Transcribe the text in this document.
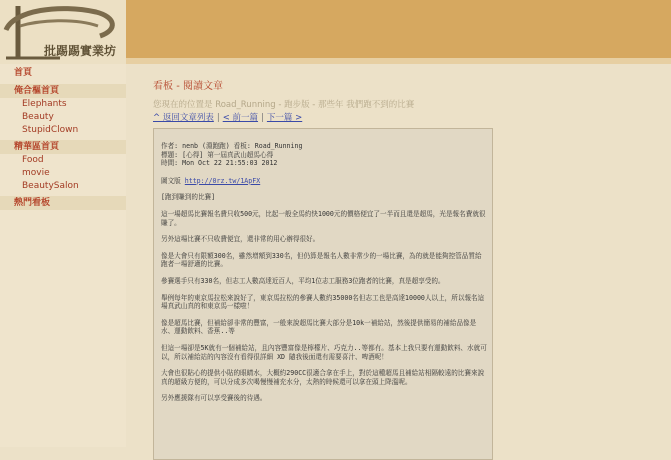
批踢踢實業坊
首頁
俺合樞首頁
Elephants
Beauty
StupidClown
精華區首頁
Food
movie
BeautySalon
熱門看板
看板 - 閱讀文章
您現在的位置是 Road_Running - 跑步版 - 那些年 我們跑不到的比賽
^ 返回文章列表 | < 前一篇 | 下一篇 >
作者: nenb (淵跑跑) 看板: Road_Running
標題: [心得] 第一屆真武山超馬心得
時間: Mon Oct 22 21:55:03 2012
圖文版 http://0rz.tw/1ApFX
[跑到賺到的比賽]
這一場超馬比賽報名費只收500元，比起一般全馬約快1000元的價格便宜了一半而且還是超馬，光是報名費就很賺了。
另外這場比賽不只收費便宜，還非常的用心辦得很好。
像是大會只有限額300名，雖然增額到330名，但仍算是報名人數非常少的一場比賽，為的就是能夠控管品質給跑者一場舒適的比賽。
參賽選手只有330名，但志工人數高達近百人，平均1位志工服務3位跑者的比賽，真是超享受的。
舉例每年的東京馬拉松來說好了，東京馬拉松的參賽人數約35000名但志工也是高達10000人以上，所以報名這場真武山真的和東京馬一樣啦！
像是超馬比賽，但補給卻非常的豐富，一般來說超馬比賽大部分是10k一補給站，然後提供簡易的補給品像是水、運動飲料、香蕉..等
但這一場卻是5K就有一個補給站，且內容豐富像是檸檬片、巧克力..等都有。基本上我只要有運動飲料、水就可以，所以補給站的內容沒有看得很詳細 XD 隨我後面還有需要喜汁、啤酒呢！
大會也很貼心的提供小貼的眼睛水，大概約290CC很適合拿在手上，對於這種超馬且補給站相隔較遠的比賽來說真的超級方便的，可以分成多次喝慢慢補充水分，太熱的時候還可以拿在頭上降溫呢。
另外應援隊有可以享受賽後的待遇。
